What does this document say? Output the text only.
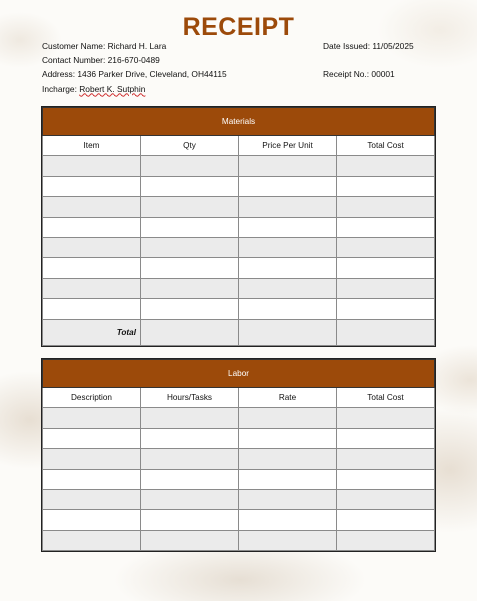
RECEIPT
Customer Name: Richard H. Lara
Contact Number: 216-670-0489
Address: 1436 Parker Drive, Cleveland, OH44115
Incharge: Robert K. Sutphin
Date Issued: 11/05/2025
Receipt No.: 00001
Materials			
Item	Qty	Price Per Unit	Total Cost

Total			
Labor			
Description	Hours/Tasks	Rate	Total Cost
